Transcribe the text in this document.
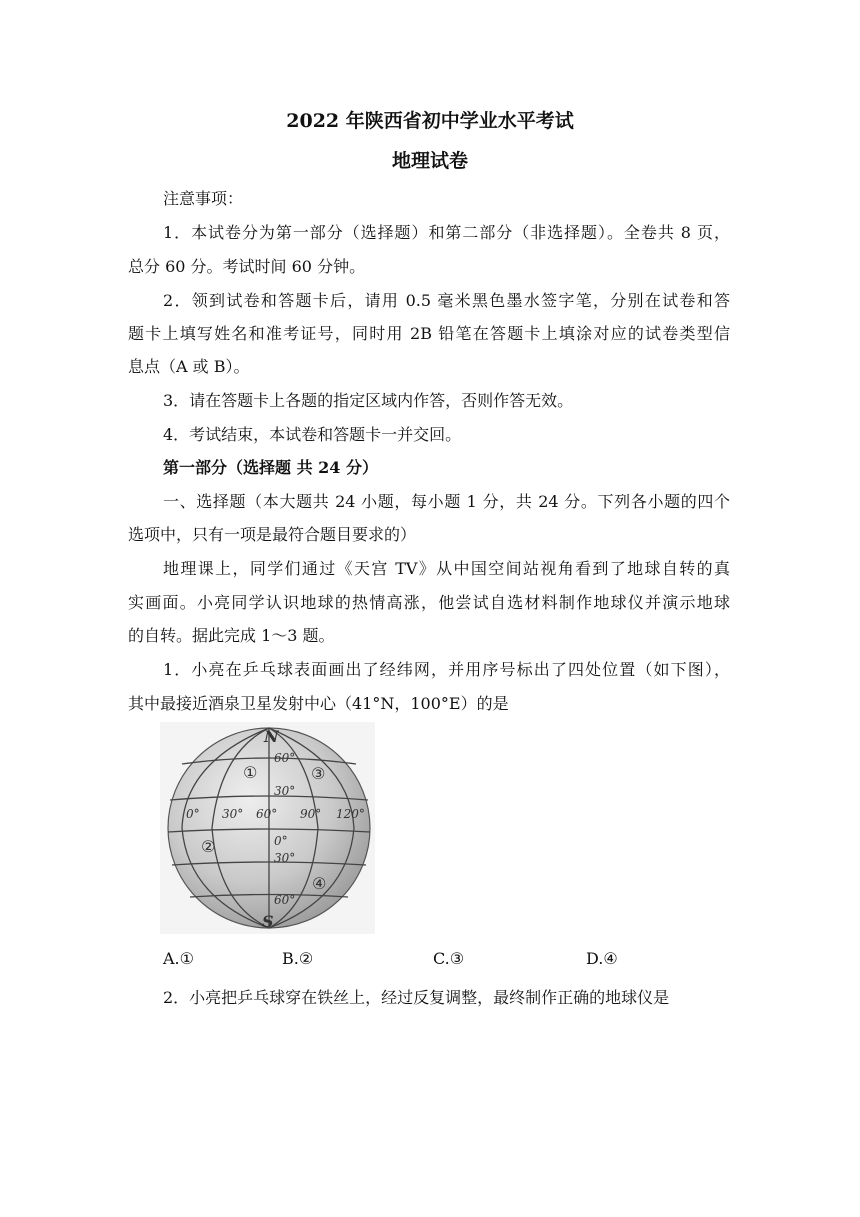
2022 年陕西省初中学业水平考试
地理试卷
注意事项：
1．本试卷分为第一部分（选择题）和第二部分（非选择题）。全卷共 8 页，
总分 60 分。考试时间 60 分钟。
2．领到试卷和答题卡后，请用 0.5 毫米黑色墨水签字笔，分别在试卷和答
题卡上填写姓名和准考证号，同时用 2B 铅笔在答题卡上填涂对应的试卷类型信
息点（A 或 B）。
3．请在答题卡上各题的指定区域内作答，否则作答无效。
4．考试结束，本试卷和答题卡一并交回。
第一部分（选择题 共 24 分）
一、选择题（本大题共 24 小题，每小题 1 分，共 24 分。下列各小题的四个
选项中，只有一项是最符合题目要求的）
地理课上，同学们通过《天宫 TV》从中国空间站视角看到了地球自转的真
实画面。小亮同学认识地球的热情高涨，他尝试自选材料制作地球仪并演示地球
的自转。据此完成 1～3 题。
1．小亮在乒乓球表面画出了经纬网，并用序号标出了四处位置（如下图），
其中最接近酒泉卫星发射中心（41°N，100°E）的是
N
S
60°
30°
0°
30°
60°
0° 30° 60° 90° 120°
①
②
③
④
A.①	B.②	C.③	D.④
2．小亮把乒乓球穿在铁丝上，经过反复调整，最终制作正确的地球仪是
